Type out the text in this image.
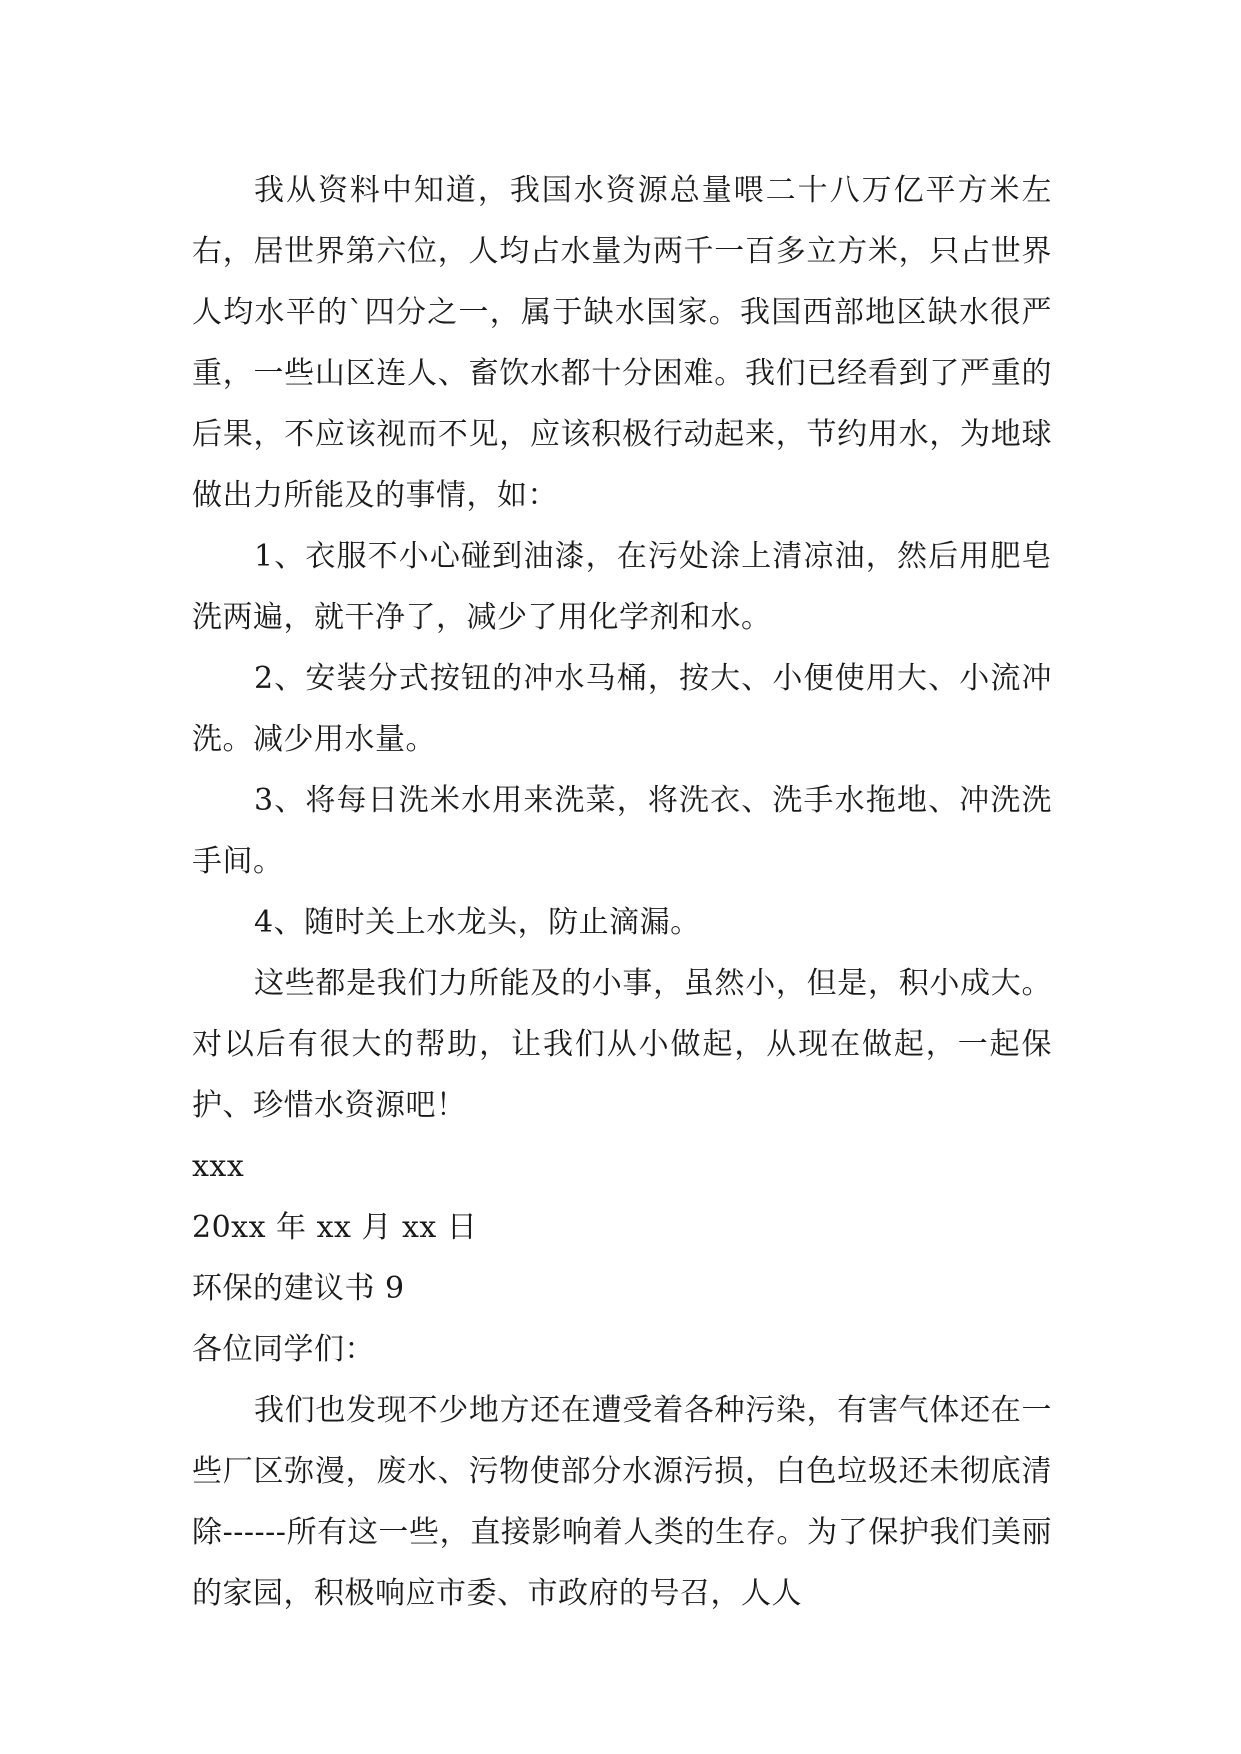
我从资料中知道，我国水资源总量喂二十八万亿平方米左右，居世界第六位，人均占水量为两千一百多立方米，只占世界人均水平的`四分之一，属于缺水国家。我国西部地区缺水很严重，一些山区连人、畜饮水都十分困难。我们已经看到了严重的后果，不应该视而不见，应该积极行动起来，节约用水，为地球做出力所能及的事情，如：

1、衣服不小心碰到油漆，在污处涂上清凉油，然后用肥皂洗两遍，就干净了，减少了用化学剂和水。

2、安装分式按钮的冲水马桶，按大、小便使用大、小流冲洗。减少用水量。

3、将每日洗米水用来洗菜，将洗衣、洗手水拖地、冲洗洗手间。

4、随时关上水龙头，防止滴漏。

这些都是我们力所能及的小事，虽然小，但是，积小成大。对以后有很大的帮助，让我们从小做起，从现在做起，一起保护、珍惜水资源吧！

xxx

20xx 年 xx 月 xx 日

环保的建议书 9

各位同学们：

我们也发现不少地方还在遭受着各种污染，有害气体还在一些厂区弥漫，废水、污物使部分水源污损，白色垃圾还未彻底清除------所有这一些，直接影响着人类的生存。为了保护我们美丽的家园，积极响应市委、市政府的号召，人人
